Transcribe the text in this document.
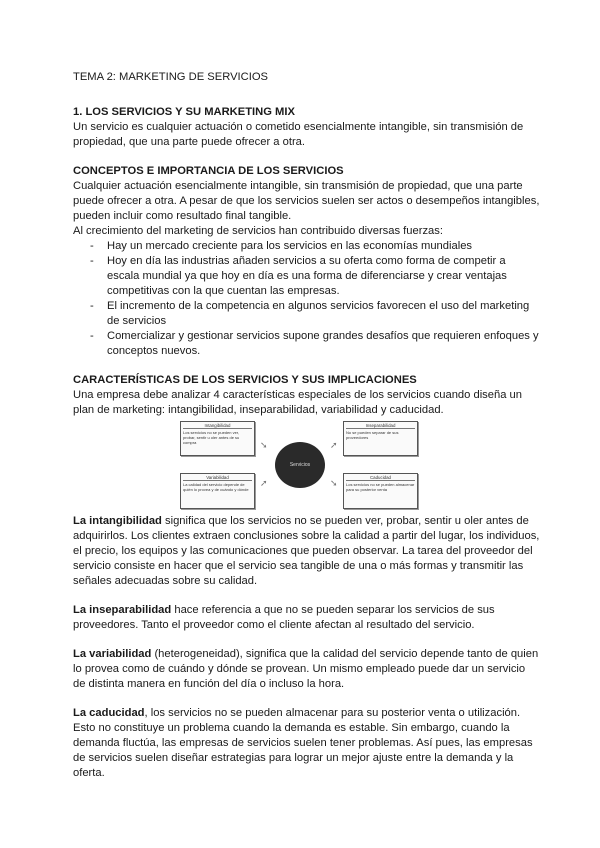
TEMA 2: MARKETING DE SERVICIOS

1. LOS SERVICIOS Y SU MARKETING MIX

Un servicio es cualquier actuación o cometido esencialmente intangible, sin transmisión de propiedad, que una parte puede ofrecer a otra.

CONCEPTOS E IMPORTANCIA DE LOS SERVICIOS

Cualquier actuación esencialmente intangible, sin transmisión de propiedad, que una parte puede ofrecer a otra. A pesar de que los servicios suelen ser actos o desempeños intangibles, pueden incluir como resultado final tangible.

Al crecimiento del marketing de servicios han contribuido diversas fuerzas:

- Hay un mercado creciente para los servicios en las economías mundiales
- Hoy en día las industrias añaden servicios a su oferta como forma de competir a escala mundial ya que hoy en día es una forma de diferenciarse y crear ventajas competitivas con la que cuentan las empresas.
- El incremento de la competencia en algunos servicios favorecen el uso del marketing de servicios
- Comercializar y gestionar servicios supone grandes desafíos que requieren enfoques y conceptos nuevos.
CARACTERÍSTICAS DE LOS SERVICIOS Y SUS IMPLICACIONES

Una empresa debe analizar 4 características especiales de los servicios cuando diseña un plan de marketing: intangibilidad, inseparabilidad, variabilidad y caducidad.

Intangibilidad
Los servicios no se pueden ver, probar, sentir u oler antes de su compra
Inseparabilidad
No se pueden separar de sus proveedores
Variabilidad
La calidad del servicio depende de quién lo provea y de cuándo y dónde
Caducidad
Los servicios no se pueden almacenar para su posterior venta
Servicios
➘	➚
➚	➘

La intangibilidad significa que los servicios no se pueden ver, probar, sentir u oler antes de adquirirlos. Los clientes extraen conclusiones sobre la calidad a partir del lugar, los individuos, el precio, los equipos y las comunicaciones que pueden observar. La tarea del proveedor del servicio consiste en hacer que el servicio sea tangible de una o más formas y transmitir las señales adecuadas sobre su calidad.

La inseparabilidad hace referencia a que no se pueden separar los servicios de sus proveedores. Tanto el proveedor como el cliente afectan al resultado del servicio.

La variabilidad (heterogeneidad), significa que la calidad del servicio depende tanto de quien lo provea como de cuándo y dónde se provean. Un mismo empleado puede dar un servicio de distinta manera en función del día o incluso la hora.

La caducidad, los servicios no se pueden almacenar para su posterior venta o utilización. Esto no constituye un problema cuando la demanda es estable. Sin embargo, cuando la demanda fluctúa, las empresas de servicios suelen tener problemas. Así pues, las empresas de servicios suelen diseñar estrategias para lograr un mejor ajuste entre la demanda y la oferta.
